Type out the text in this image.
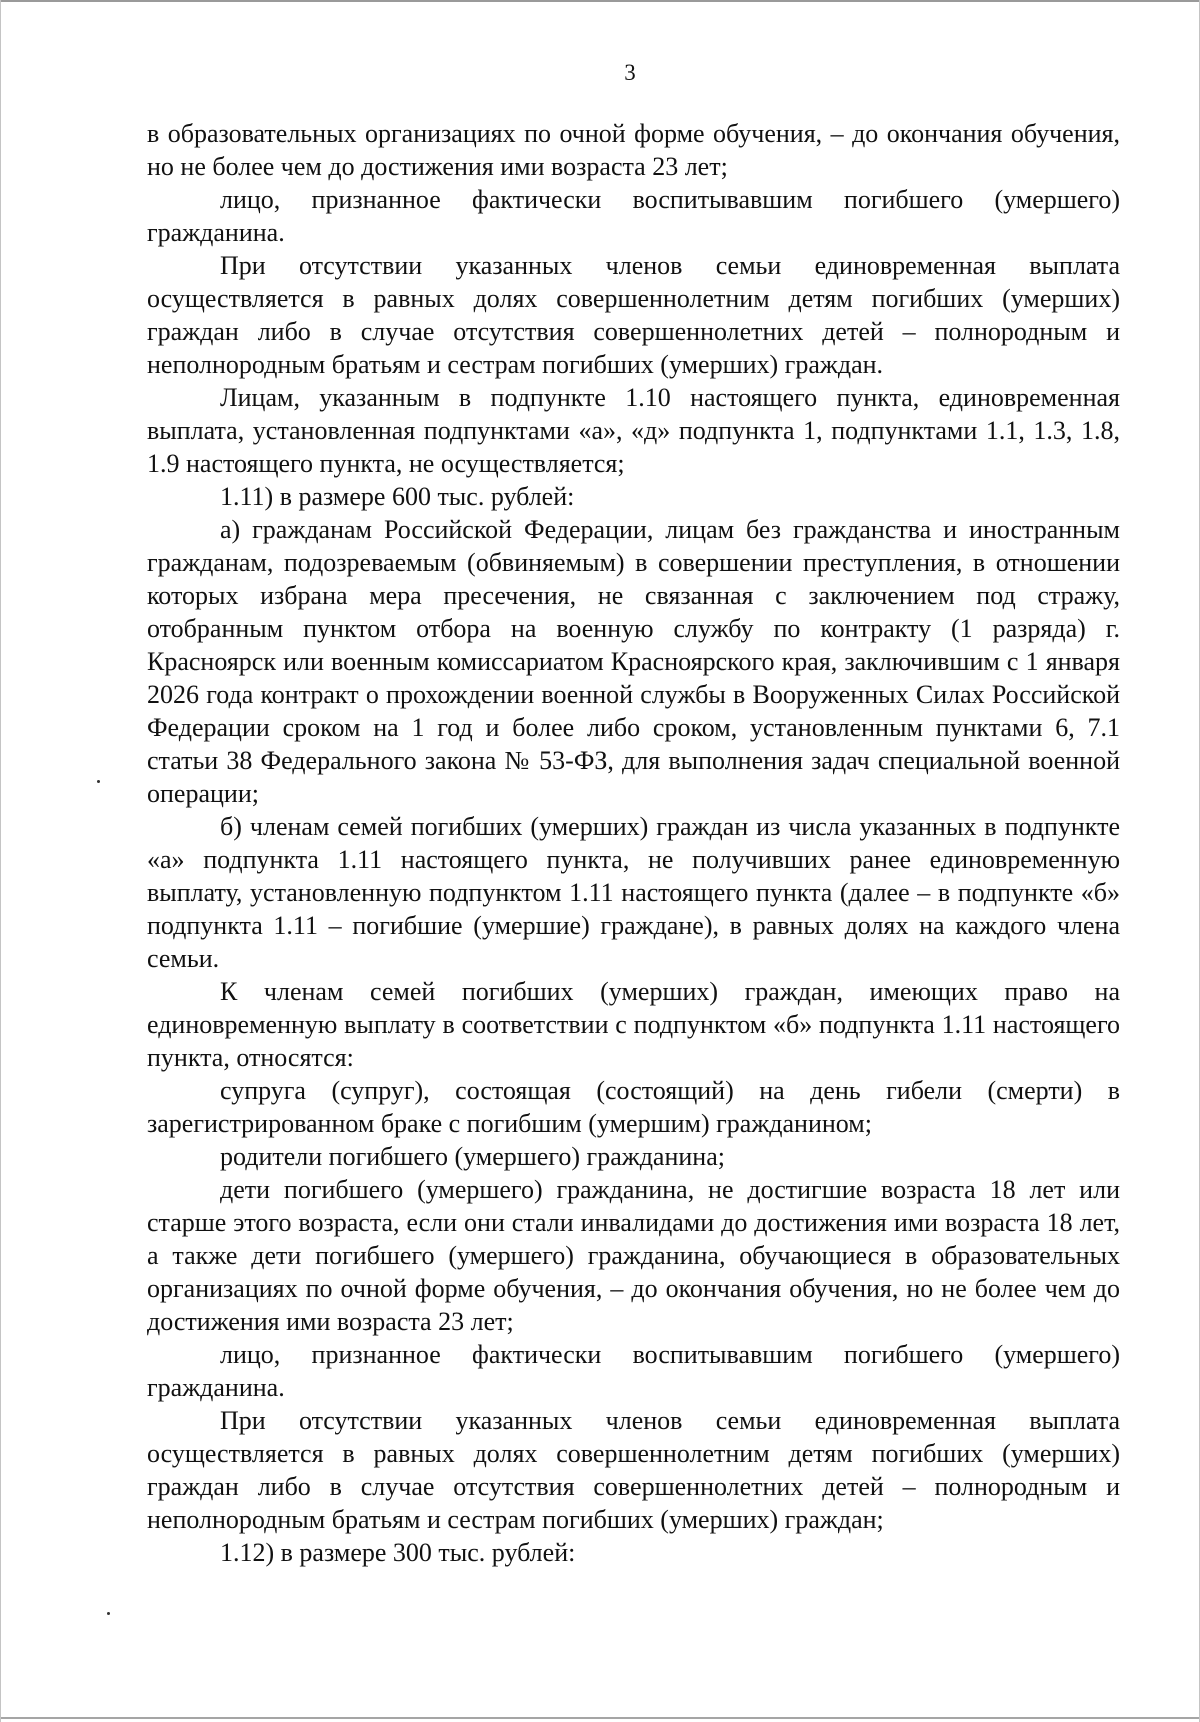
3

в образовательных организациях по очной форме обучения, – до окончания обучения, но не более чем до достижения ими возраста 23 лет;

лицо, признанное фактически воспитывавшим погибшего (умершего) гражданина.

При отсутствии указанных членов семьи единовременная выплата осуществляется в равных долях совершеннолетним детям погибших (умерших) граждан либо в случае отсутствия совершеннолетних детей – полнородным и неполнородным братьям и сестрам погибших (умерших) граждан.

Лицам, указанным в подпункте 1.10 настоящего пункта, единовременная выплата, установленная подпунктами «а», «д» подпункта 1, подпунктами 1.1, 1.3, 1.8, 1.9 настоящего пункта, не осуществляется;

1.11) в размере 600 тыс. рублей:

а) гражданам Российской Федерации, лицам без гражданства и иностранным гражданам, подозреваемым (обвиняемым) в совершении преступления, в отношении которых избрана мера пресечения, не связанная с заключением под стражу, отобранным пунктом отбора на военную службу по контракту (1 разряда) г. Красноярск или военным комиссариатом Красноярского края, заключившим с 1 января 2026 года контракт о прохождении военной службы в Вооруженных Силах Российской Федерации сроком на 1 год и более либо сроком, установленным пунктами 6, 7.1 статьи 38 Федерального закона № 53-ФЗ, для выполнения задач специальной военной операции;

б) членам семей погибших (умерших) граждан из числа указанных в подпункте «а» подпункта 1.11 настоящего пункта, не получивших ранее единовременную выплату, установленную подпунктом 1.11 настоящего пункта (далее – в подпункте «б» подпункта 1.11 – погибшие (умершие) граждане), в равных долях на каждого члена семьи.

К членам семей погибших (умерших) граждан, имеющих право на единовременную выплату в соответствии с подпунктом «б» подпункта 1.11 настоящего пункта, относятся:

супруга (супруг), состоящая (состоящий) на день гибели (смерти) в зарегистрированном браке с погибшим (умершим) гражданином;

родители погибшего (умершего) гражданина;

дети погибшего (умершего) гражданина, не достигшие возраста 18 лет или старше этого возраста, если они стали инвалидами до достижения ими возраста 18 лет, а также дети погибшего (умершего) гражданина, обучающиеся в образовательных организациях по очной форме обучения, – до окончания обучения, но не более чем до достижения ими возраста 23 лет;

лицо, признанное фактически воспитывавшим погибшего (умершего) гражданина.

При отсутствии указанных членов семьи единовременная выплата осуществляется в равных долях совершеннолетним детям погибших (умерших) граждан либо в случае отсутствия совершеннолетних детей – полнородным и неполнородным братьям и сестрам погибших (умерших) граждан;

1.12) в размере 300 тыс. рублей:
